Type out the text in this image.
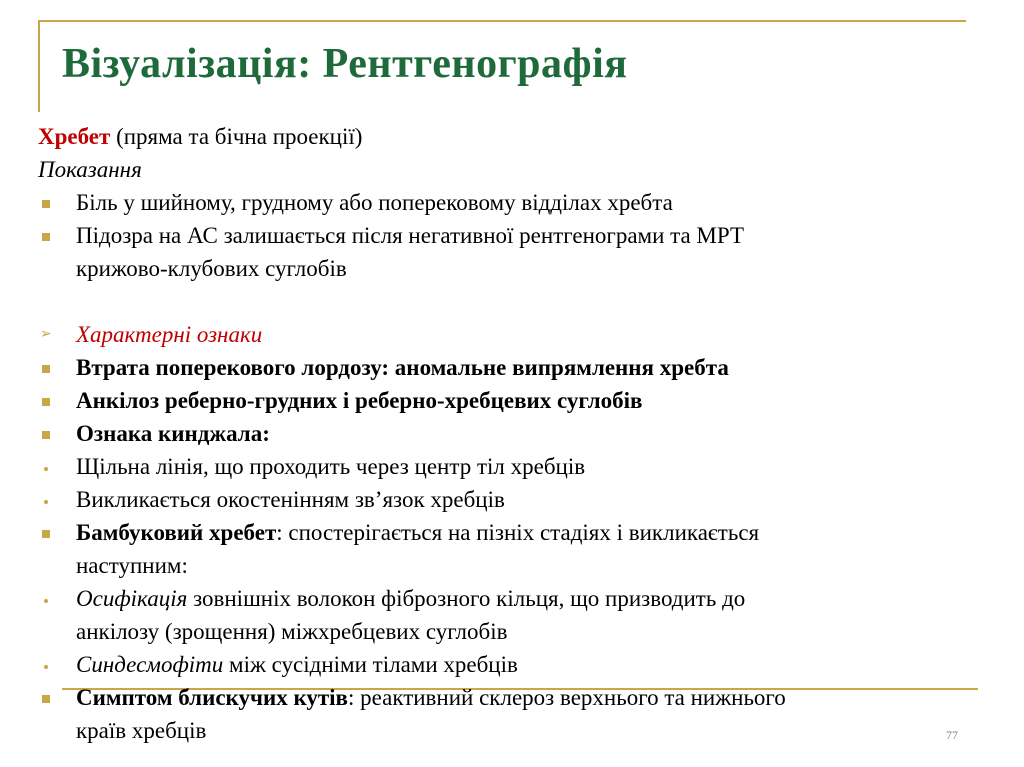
Візуалізація: Рентгенографія
Хребет (пряма та бічна проекції)
Показання
Біль у шийному, грудному або поперековому відділах хребта
Підозра на АС залишається після негативної рентгенограми та МРТ
крижово-клубових суглобів
➢
Характерні ознаки
Втрата поперекового лордозу: аномальне випрямлення хребта
Анкілоз реберно-грудних і реберно-хребцевих суглобів
Ознака кинджала:
Щільна лінія, що проходить через центр тіл хребців
Викликається окостенінням зв’язок хребців
Бамбуковий хребет: спостерігається на пізніх стадіях і викликається
наступним:
Осифікація зовнішніх волокон фіброзного кільця, що призводить до
анкілозу (зрощення) міжхребцевих суглобів
Синдесмофіти між сусідніми тілами хребців
Симптом блискучих кутів: реактивний склероз верхнього та нижнього
країв хребців	77
